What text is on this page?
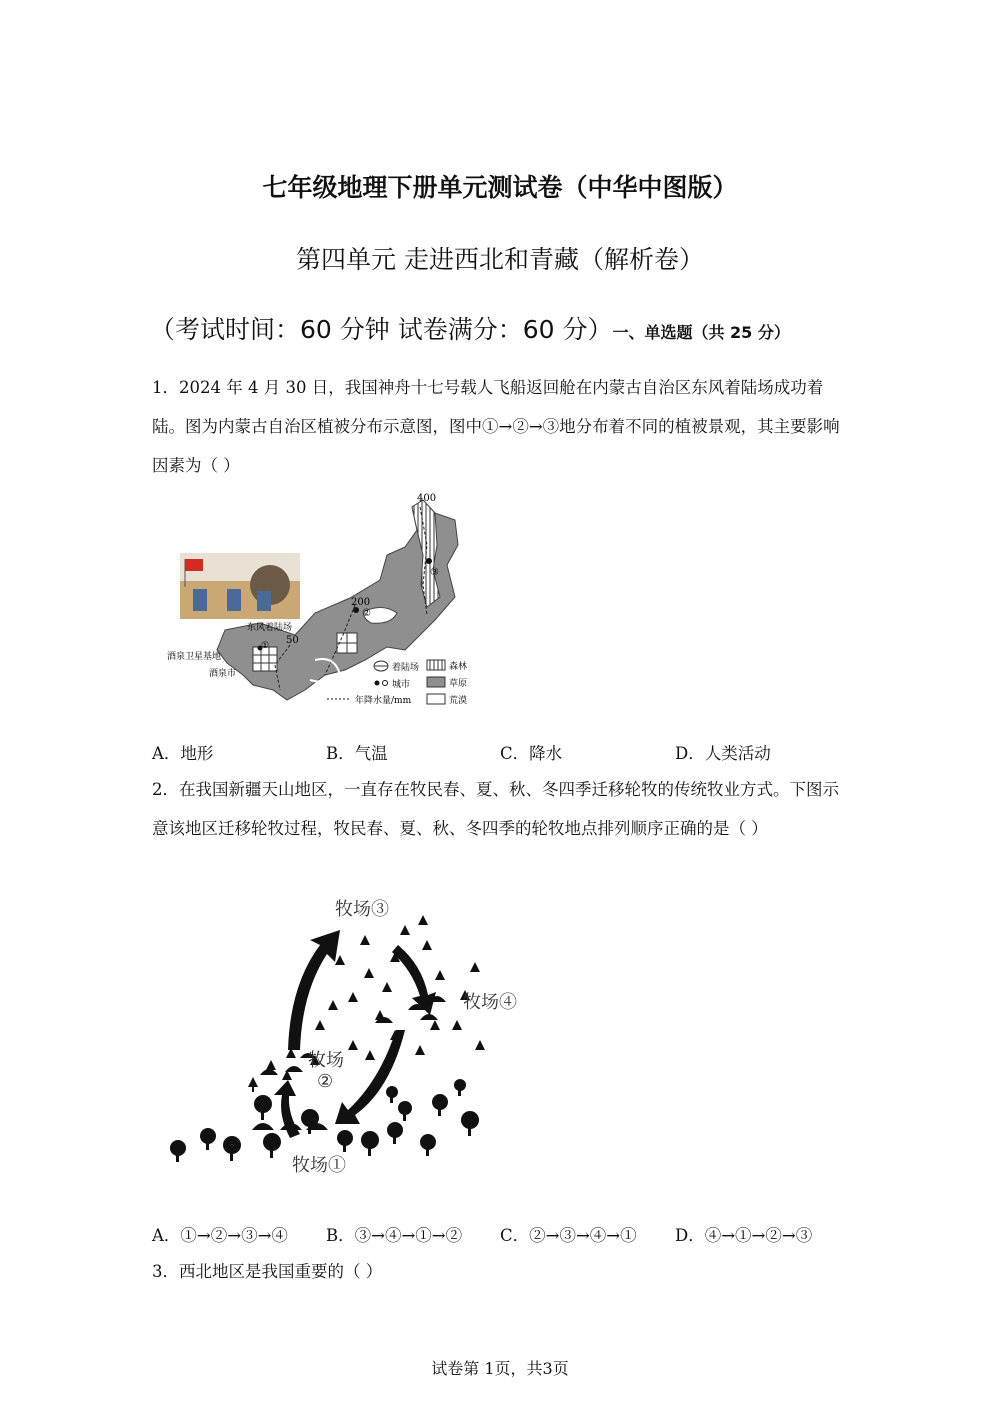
七年级地理下册单元测试卷（中华中图版）
第四单元 走进西北和青藏（解析卷）
（考试时间：60 分钟 试卷满分：60 分）一、单选题（共 25 分）
1．2024 年 4 月 30 日，我国神舟十七号载人飞船返回舱在内蒙古自治区东风着陆场成功着陆。图为内蒙古自治区植被分布示意图，图中①→②→③地分布着不同的植被景观，其主要影响因素为（ ）
400
200
50
东风着陆场
酒泉卫星基地
酒泉市
①
②
③
着陆场
城市
年降水量/mm
森林
草原
荒漠
A．地形	B．气温	C．降水	D．人类活动
2．在我国新疆天山地区，一直存在牧民春、夏、秋、冬四季迁移轮牧的传统牧业方式。下图示意该地区迁移轮牧过程，牧民春、夏、秋、冬四季的轮牧地点排列顺序正确的是（ ）
牧场③
牧场④
牧场
②
牧场①
A．①→②→③→④ B．③→④→①→② C．②→③→④→① D．④→①→②→③
3．西北地区是我国重要的（ ）
试卷第 1页，共3页
